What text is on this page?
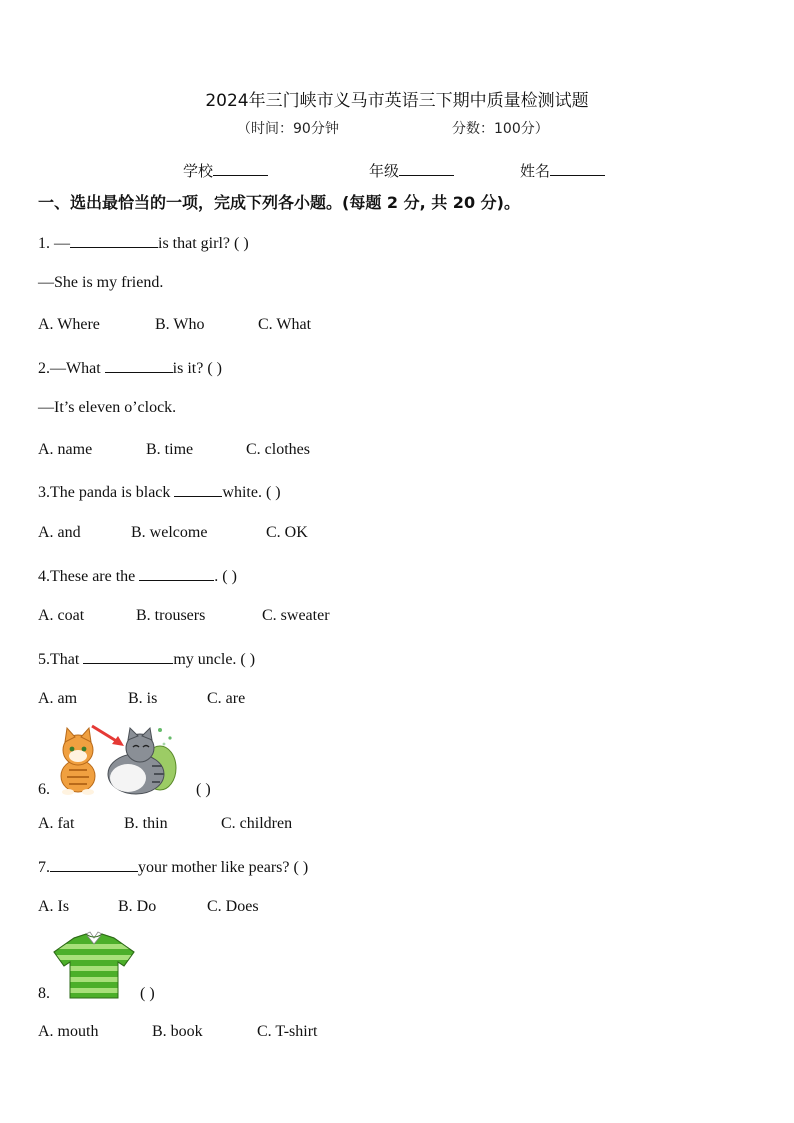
2024年三门峡市义马市英语三下期中质量检测试题
（时间：90分钟	分数：100分）
学校	年级	姓名
一、选出最恰当的一项，完成下列各小题。(每题 2 分, 共 20 分)。
1. —	is that girl? ( )
—She is my friend.
A. Where	B. Who	C. What
2.—What	is it? ( )
—It’s eleven o’clock.
A. name	B. time	C. clothes
3.The panda is black	white. ( )
A. and	B. welcome	C. OK
4.These are the	. ( )
A. coat	B. trousers	C. sweater
5.That	my uncle. ( )
A. am	B. is	C. are
6.	( )
A. fat	B. thin	C. children
7.	your mother like pears? ( )
A. Is	B. Do	C. Does
8.	( )
A. mouth	B. book	C. T-shirt
